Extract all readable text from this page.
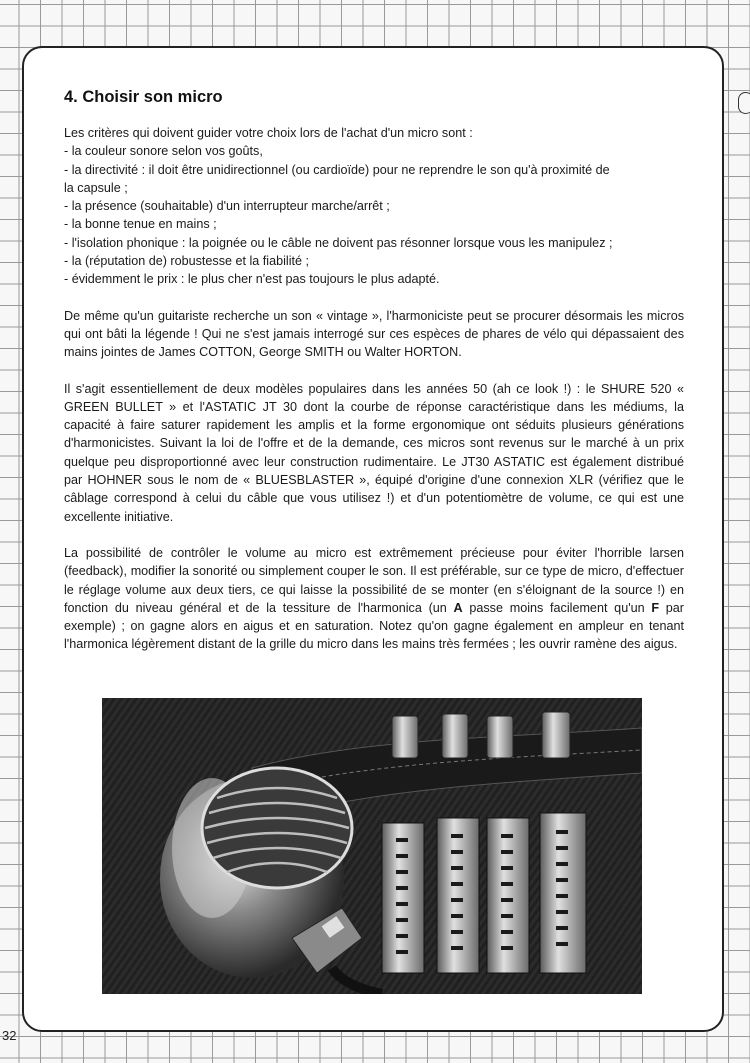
4. Choisir son micro
Les critères qui doivent guider votre choix lors de l'achat d'un micro sont :
- la couleur sonore selon vos goûts,
- la directivité : il doit être unidirectionnel (ou cardioïde) pour ne reprendre le son qu'à proximité de
la capsule ;
- la présence (souhaitable) d'un interrupteur marche/arrêt ;
- la bonne tenue en mains ;
- l'isolation phonique : la poignée ou le câble ne doivent pas résonner lorsque vous les manipulez ;
- la (réputation de) robustesse et la fiabilité ;
- évidemment le prix : le plus cher n'est pas toujours le plus adapté.

De même qu'un guitariste recherche un son « vintage », l'harmoniciste peut se procurer désormais les micros qui ont bâti la légende ! Qui ne s'est jamais interrogé sur ces espèces de phares de vélo qui dépassaient des mains jointes de James COTTON, George SMITH ou Walter HORTON.

Il s'agit essentiellement de deux modèles populaires dans les années 50 (ah ce look !) : le SHURE 520 « GREEN BULLET » et l'ASTATIC JT 30 dont la courbe de réponse caractéristique dans les médiums, la capacité à faire saturer rapidement les amplis et la forme ergonomique ont séduits plusieurs générations d'harmonicistes. Suivant la loi de l'offre et de la demande, ces micros sont revenus sur le marché à un prix quelque peu disproportionné avec leur construction rudimentaire. Le JT30 ASTATIC est également distribué par HOHNER sous le nom de « BLUESBLASTER », équipé d'origine d'une connexion XLR (vérifiez que le câblage correspond à celui du câble que vous utilisez !) et d'un potentiomètre de volume, ce qui est une excellente initiative.

La possibilité de contrôler le volume au micro est extrêmement précieuse pour éviter l'horrible larsen (feedback), modifier la sonorité ou simplement couper le son. Il est préférable, sur ce type de micro, d'effectuer le réglage volume aux deux tiers, ce qui laisse la possibilité de se monter (en s'éloignant de la source !) en fonction du niveau général et de la tessiture de l'harmonica (un A passe moins facilement qu'un F par exemple) ; on gagne alors en aigus et en saturation. Notez qu'on gagne également en ampleur en tenant l'harmonica légèrement distant de la grille du micro dans les mains très fermées ; les ouvrir ramène des aigus.

32
